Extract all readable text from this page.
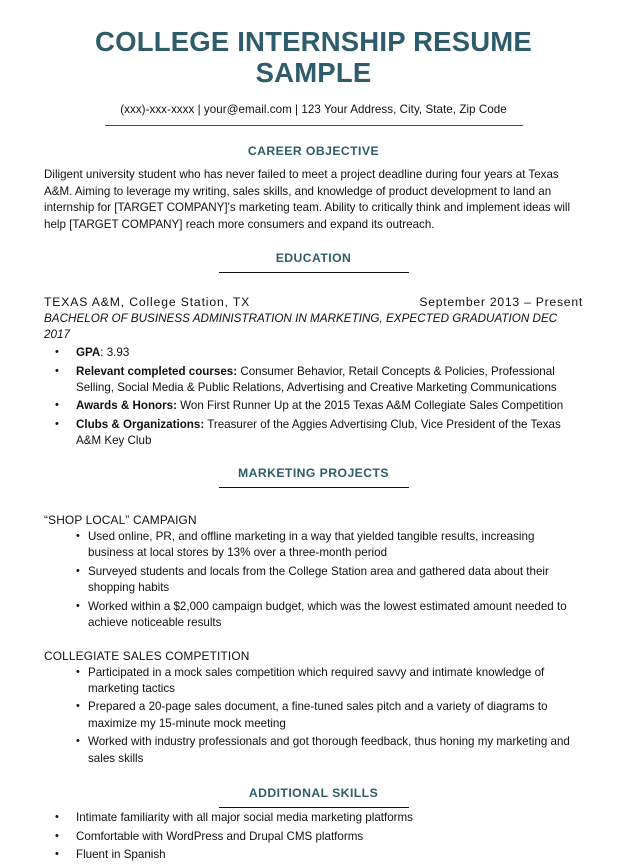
COLLEGE INTERNSHIP RESUME SAMPLE
(xxx)-xxx-xxxx | your@email.com | 123 Your Address, City, State, Zip Code
CAREER OBJECTIVE

Diligent university student who has never failed to meet a project deadline during four years at Texas A&M. Aiming to leverage my writing, sales skills, and knowledge of product development to land an internship for [TARGET COMPANY]'s marketing team. Ability to critically think and implement ideas will help [TARGET COMPANY] reach more consumers and expand its outreach.

EDUCATION
TEXAS A&M, College Station, TX	September 2013 – Present
BACHELOR OF BUSINESS ADMINISTRATION IN MARKETING, EXPECTED GRADUATION DEC 2017
• GPA: 3.93
• Relevant completed courses: Consumer Behavior, Retail Concepts & Policies, Professional Selling, Social Media & Public Relations, Advertising and Creative Marketing Communications
• Awards & Honors: Won First Runner Up at the 2015 Texas A&M Collegiate Sales Competition
• Clubs & Organizations: Treasurer of the Aggies Advertising Club, Vice President of the Texas A&M Key Club
MARKETING PROJECTS
“SHOP LOCAL” CAMPAIGN
• Used online, PR, and offline marketing in a way that yielded tangible results, increasing business at local stores by 13% over a three-month period
• Surveyed students and locals from the College Station area and gathered data about their shopping habits
• Worked within a $2,000 campaign budget, which was the lowest estimated amount needed to achieve noticeable results
COLLEGIATE SALES COMPETITION
• Participated in a mock sales competition which required savvy and intimate knowledge of marketing tactics
• Prepared a 20-page sales document, a fine-tuned sales pitch and a variety of diagrams to maximize my 15-minute mock meeting
• Worked with industry professionals and got thorough feedback, thus honing my marketing and sales skills
ADDITIONAL SKILLS
• Intimate familiarity with all major social media marketing platforms
• Comfortable with WordPress and Drupal CMS platforms
• Fluent in Spanish
